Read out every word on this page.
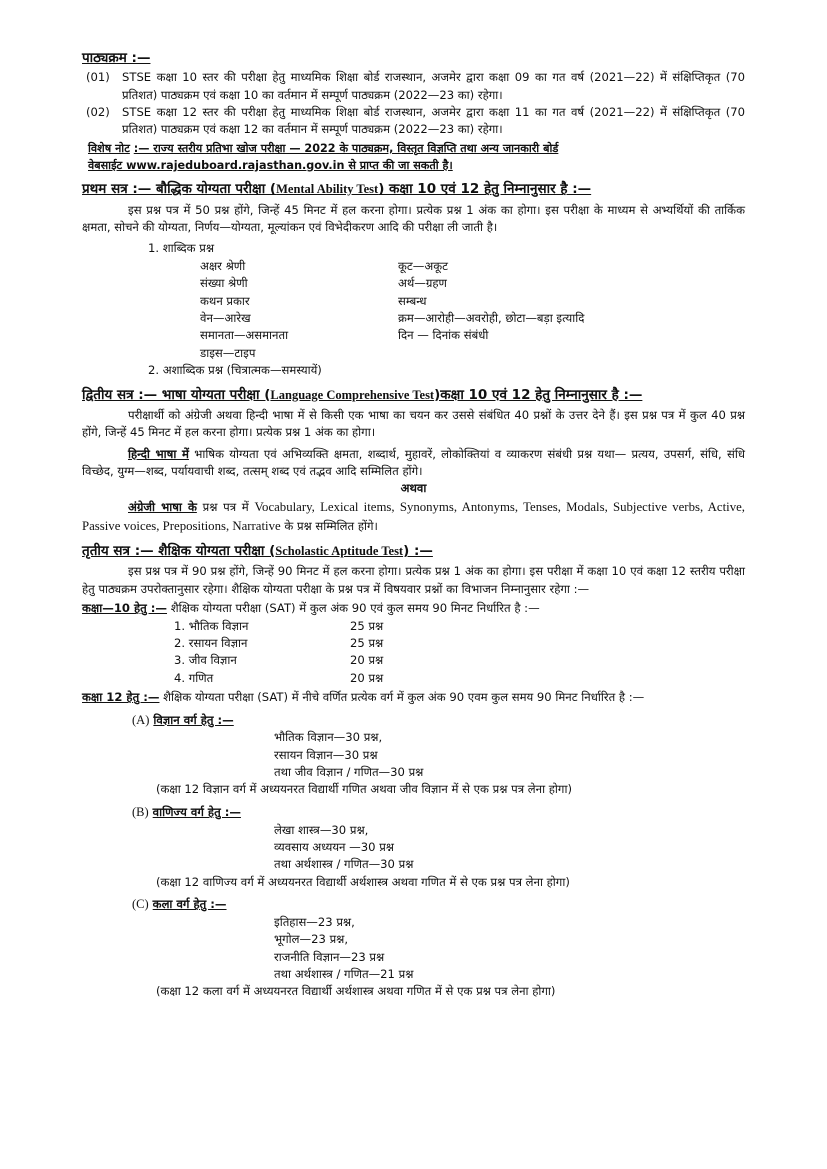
पाठ्यक्रम :—
(01)	STSE कक्षा 10 स्तर की परीक्षा हेतु माध्यमिक शिक्षा बोर्ड राजस्थान, अजमेर द्वारा कक्षा 09 का गत वर्ष (2021—22) में संक्षिप्तिकृत (70 प्रतिशत) पाठ्यक्रम एवं कक्षा 10 का वर्तमान में सम्पूर्ण पाठ्यक्रम (2022—23 का) रहेगा।
(02)	STSE कक्षा 12 स्तर की परीक्षा हेतु माध्यमिक शिक्षा बोर्ड राजस्थान, अजमेर द्वारा कक्षा 11 का गत वर्ष (2021—22) में संक्षिप्तिकृत (70 प्रतिशत) पाठ्यक्रम एवं कक्षा 12 का वर्तमान में सम्पूर्ण पाठ्यक्रम (2022—23 का) रहेगा।
विशेष नोट :— राज्य स्तरीय प्रतिभा खोज परीक्षा — 2022 के पाठ्यक्रम, विस्तृत विज्ञप्ति तथा अन्य जानकारी बोर्ड
वेबसाईट www.rajeduboard.rajasthan.gov.in से प्राप्त की जा सकती है।
प्रथम सत्र :— बौद्धिक योग्यता परीक्षा (Mental Ability Test) कक्षा 10 एवं 12 हेतु निम्नानुसार है :—
इस प्रश्न पत्र में 50 प्रश्न होंगे, जिन्हें 45 मिनट में हल करना होगा। प्रत्येक प्रश्न 1 अंक का होगा। इस परीक्षा के माध्यम से अभ्यर्थियों की तार्किक क्षमता, सोचने की योग्यता, निर्णय—योग्यता, मूल्यांकन एवं विभेदीकरण आदि की परीक्षा ली जाती है।
1. शाब्दिक प्रश्न
अक्षर श्रेणी	कूट—अकूट
संख्या श्रेणी	अर्थ—ग्रहण
कथन प्रकार	सम्बन्ध
वेन—आरेख	क्रम—आरोही—अवरोही, छोटा—बड़ा इत्यादि
समानता—असमानता	दिन — दिनांक संबंधी
डाइस—टाइप
2. अशाब्दिक प्रश्न (चित्रात्मक—समस्यायें)
द्वितीय सत्र :— भाषा योग्यता परीक्षा (Language Comprehensive Test)कक्षा 10 एवं 12 हेतु निम्नानुसार है :—
परीक्षार्थी को अंग्रेजी अथवा हिन्दी भाषा में से किसी एक भाषा का चयन कर उससे संबंधित 40 प्रश्नों के उत्तर देने हैं। इस प्रश्न पत्र में कुल 40 प्रश्न होंगे, जिन्हें 45 मिनट में हल करना होगा। प्रत्येक प्रश्न 1 अंक का होगा।
हिन्दी भाषा में भाषिक योग्यता एवं अभिव्यक्ति क्षमता, शब्दार्थ, मुहावरें, लोकोक्तियां व व्याकरण संबंधी प्रश्न यथा— प्रत्यय, उपसर्ग, संधि, संधि विच्छेद, युग्म—शब्द, पर्यायवाची शब्द, तत्सम् शब्द एवं तद्भव आदि सम्मिलित होंगे।
अथवा
अंग्रेजी भाषा के प्रश्न पत्र में Vocabulary, Lexical items, Synonyms, Antonyms, Tenses, Modals, Subjective verbs, Active, Passive voices, Prepositions, Narrative के प्रश्न सम्मिलित होंगे।
तृतीय सत्र :— शैक्षिक योग्यता परीक्षा (Scholastic Aptitude Test) :—
इस प्रश्न पत्र में 90 प्रश्न होंगे, जिन्हें 90 मिनट में हल करना होगा। प्रत्येक प्रश्न 1 अंक का होगा। इस परीक्षा में कक्षा 10 एवं कक्षा 12 स्तरीय परीक्षा हेतु पाठ्यक्रम उपरोक्तानुसार रहेगा। शैक्षिक योग्यता परीक्षा के प्रश्न पत्र में विषयवार प्रश्नों का विभाजन निम्नानुसार रहेगा :—
कक्षा—10 हेतु :— शैक्षिक योग्यता परीक्षा (SAT) में कुल अंक 90 एवं कुल समय 90 मिनट निर्धारित है :—
1. भौतिक विज्ञान	25 प्रश्न
2. रसायन विज्ञान	25 प्रश्न
3. जीव विज्ञान	20 प्रश्न
4. गणित	20 प्रश्न
कक्षा 12 हेतु :— शैक्षिक योग्यता परीक्षा (SAT) में नीचे वर्णित प्रत्येक वर्ग में कुल अंक 90 एवम कुल समय 90 मिनट निर्धारित है :—
(A) विज्ञान वर्ग हेतु :—
भौतिक विज्ञान—30 प्रश्न,
रसायन विज्ञान—30 प्रश्न
तथा जीव विज्ञान / गणित—30 प्रश्न
(कक्षा 12 विज्ञान वर्ग में अध्ययनरत विद्यार्थी गणित अथवा जीव विज्ञान में से एक प्रश्न पत्र लेना होगा)
(B) वाणिज्य वर्ग हेतु :—
लेखा शास्त्र—30 प्रश्न,
व्यवसाय अध्ययन —30 प्रश्न
तथा अर्थशास्त्र / गणित—30 प्रश्न
(कक्षा 12 वाणिज्य वर्ग में अध्ययनरत विद्यार्थी अर्थशास्त्र अथवा गणित में से एक प्रश्न पत्र लेना होगा)
(C) कला वर्ग हेतु :—
इतिहास—23 प्रश्न,
भूगोल—23 प्रश्न,
राजनीति विज्ञान—23 प्रश्न
तथा अर्थशास्त्र / गणित—21 प्रश्न
(कक्षा 12 कला वर्ग में अध्ययनरत विद्यार्थी अर्थशास्त्र अथवा गणित में से एक प्रश्न पत्र लेना होगा)
